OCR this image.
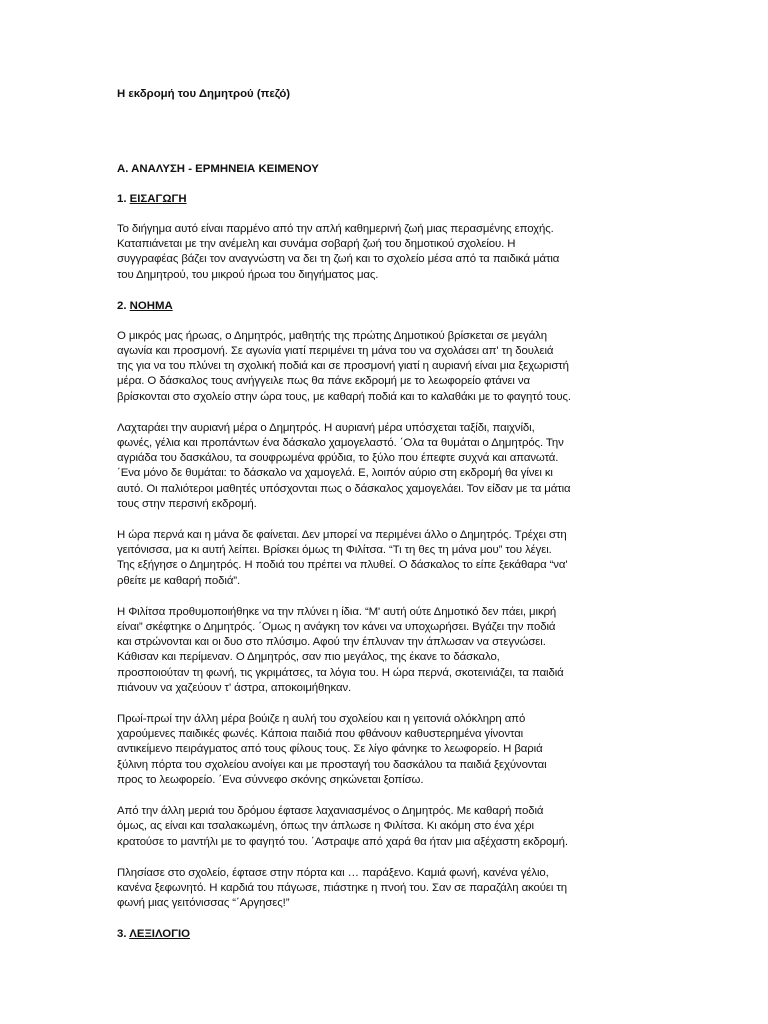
Η εκδρομή του Δημητρού (πεζό)

Α. ΑΝΑΛΥΣΗ - ΕΡΜΗΝΕΙΑ ΚΕΙΜΕΝΟΥ

1. ΕΙΣΑΓΩΓΗ

Το διήγημα αυτό είναι παρμένο από την απλή καθημερινή ζωή μιας περασμένης εποχής.
Καταπιάνεται με την ανέμελη και συνάμα σοβαρή ζωή του δημοτικού σχολείου. Η
συγγραφέας βάζει τον αναγνώστη να δει τη ζωή και το σχολείο μέσα από τα παιδικά μάτια
του Δημητρού, του μικρού ήρωα του διηγήματος μας.

2. ΝΟΗΜΑ

Ο μικρός μας ήρωας, ο Δημητρός, μαθητής της πρώτης Δημοτικού βρίσκεται σε μεγάλη
αγωνία και προσμονή. Σε αγωνία γιατί περιμένει τη μάνα του να σχολάσει απ' τη δουλειά
της για να του πλύνει τη σχολική ποδιά και σε προσμονή γιατί η αυριανή είναι μια ξεχωριστή
μέρα. Ο δάσκαλος τους ανήγγειλε πως θα πάνε εκδρομή με το λεωφορείο φτάνει να
βρίσκονται στο σχολείο στην ώρα τους, με καθαρή ποδιά και το καλαθάκι με το φαγητό τους.

Λαχταράει την αυριανή μέρα ο Δημητρός. Η αυριανή μέρα υπόσχεται ταξίδι, παιχνίδι,
φωνές, γέλια και προπάντων ένα δάσκαλο χαμογελαστό. ΄Ολα τα θυμάται ο Δημητρός. Την
αγριάδα του δασκάλου, τα σουφρωμένα φρύδια, το ξύλο που έπεφτε συχνά και απανωτά.
΄Ενα μόνο δε θυμάται: το δάσκαλο να χαμογελά. Ε, λοιπόν αύριο στη εκδρομή θα γίνει κι
αυτό. Οι παλιότεροι μαθητές υπόσχονται πως ο δάσκαλος χαμογελάει. Τον είδαν με τα μάτια
τους στην περσινή εκδρομή.

Η ώρα περνά και η μάνα δε φαίνεται. Δεν μπορεί να περιμένει άλλο ο Δημητρός. Τρέχει στη
γειτόνισσα, μα κι αυτή λείπει. Βρίσκει όμως τη Φιλίτσα. “Τι τη θες τη μάνα μου” του λέγει.
Της εξήγησε ο Δημητρός. Η ποδιά του πρέπει να πλυθεί. Ο δάσκαλος το είπε ξεκάθαρα “να'
ρθείτε με καθαρή ποδιά”.

Η Φιλίτσα προθυμοποιήθηκε να την πλύνει η ίδια. “Μ' αυτή ούτε Δημοτικό δεν πάει, μικρή
είναι” σκέφτηκε ο Δημητρός. ΄Ομως η ανάγκη τον κάνει να υποχωρήσει. Βγάζει την ποδιά
και στρώνονται και οι δυο στο πλύσιμο. Αφού την έπλυναν την άπλωσαν να στεγνώσει.
Κάθισαν και περίμεναν. Ο Δημητρός, σαν πιο μεγάλος, της έκανε το δάσκαλο,
προσποιούταν τη φωνή, τις γκριμάτσες, τα λόγια του. Η ώρα περνά, σκοτεινιάζει, τα παιδιά
πιάνουν να χαζεύουν τ' άστρα, αποκοιμήθηκαν.

Πρωί-πρωί την άλλη μέρα βούιζε η αυλή του σχολείου και η γειτονιά ολόκληρη από
χαρούμενες παιδικές φωνές. Κάποια παιδιά που φθάνουν καθυστερημένα γίνονται
αντικείμενο πειράγματος από τους φίλους τους. Σε λίγο φάνηκε το λεωφορείο. Η βαριά
ξύλινη πόρτα του σχολείου ανοίγει και με προσταγή του δασκάλου τα παιδιά ξεχύνονται
προς το λεωφορείο. ΄Ενα σύννεφο σκόνης σηκώνεται ξοπίσω.

Από την άλλη μεριά του δρόμου έφτασε λαχανιασμένος ο Δημητρός. Με καθαρή ποδιά
όμως, ας είναι και τσαλακωμένη, όπως την άπλωσε η Φιλίτσα. Κι ακόμη στο ένα χέρι
κρατούσε το μαντήλι με το φαγητό του. ΄Αστραψε από χαρά θα ήταν μια αξέχαστη εκδρομή.

Πλησίασε στο σχολείο, έφτασε στην πόρτα και … παράξενο. Καμιά φωνή, κανένα γέλιο,
κανένα ξεφωνητό. Η καρδιά του πάγωσε, πιάστηκε η πνοή του. Σαν σε παραζάλη ακούει τη
φωνή μιας γειτόνισσας “΄Αργησες!”

3. ΛΕΞΙΛΟΓΙΟ
